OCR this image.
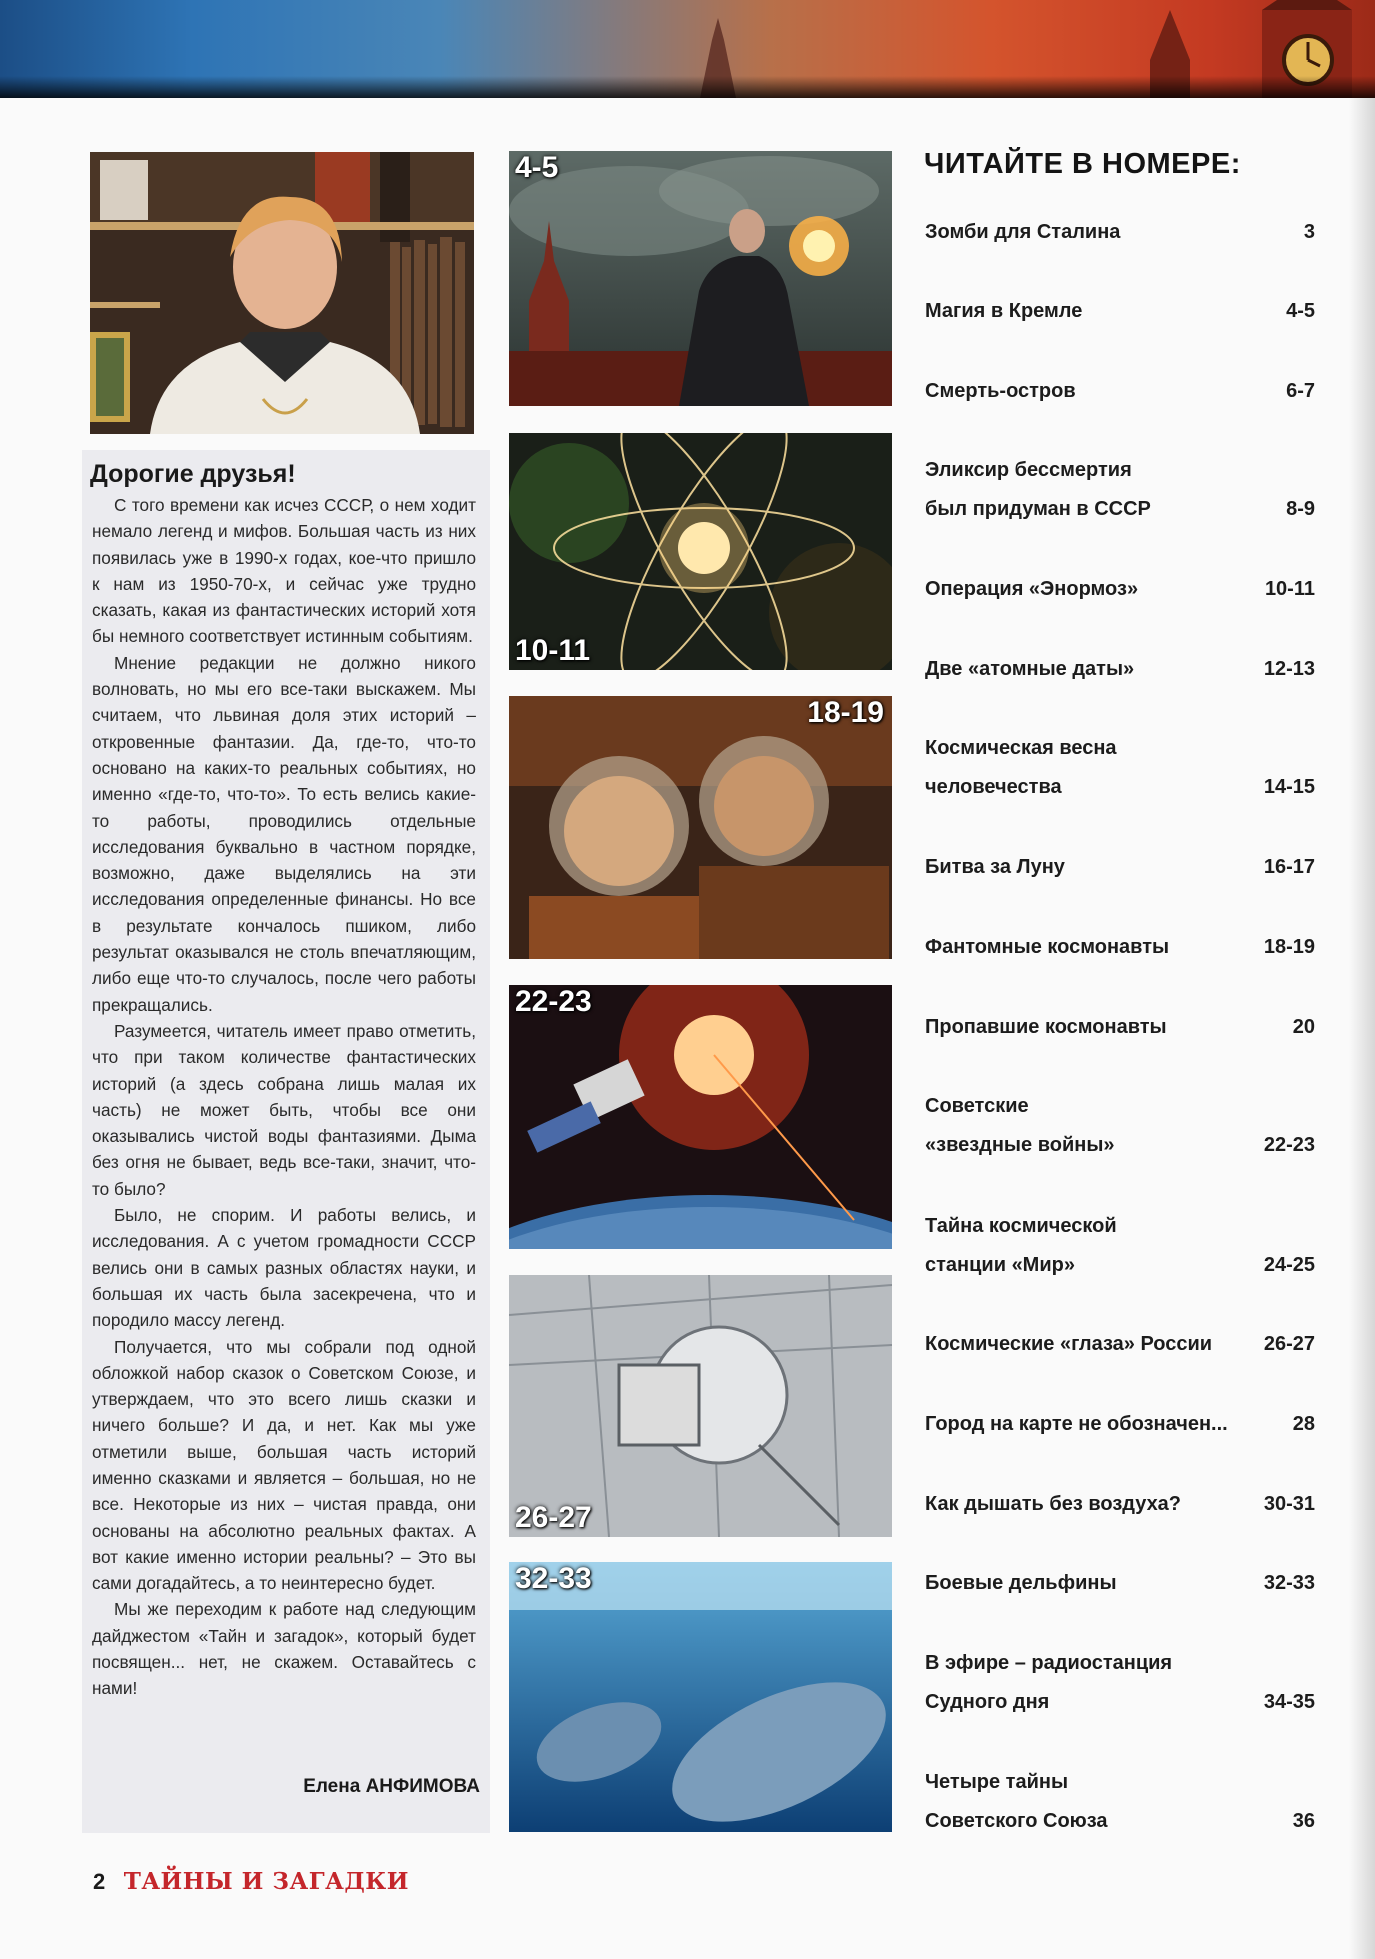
Дорогие друзья!

С того времени как исчез СССР, о нем ходит немало легенд и мифов. Большая часть из них появилась уже в 1990-х годах, кое-что пришло к нам из 1950-70-х, и сейчас уже трудно сказать, какая из фантастических историй хотя бы немного соответствует истинным событиям.

Мнение редакции не должно никого волновать, но мы его все-таки выскажем. Мы считаем, что львиная доля этих историй – откровенные фантазии. Да, где-то, что-то основано на каких-то реальных событиях, но именно «где-то, что-то». То есть велись какие-то работы, проводились отдельные исследования буквально в частном порядке, возможно, даже выделялись на эти исследования определенные финансы. Но все в результате кончалось пшиком, либо результат оказывался не столь впечатляющим, либо еще что-то случалось, после чего работы прекращались.

Разумеется, читатель имеет право отметить, что при таком количестве фантастических историй (а здесь собрана лишь малая их часть) не может быть, чтобы все они оказывались чистой воды фантазиями. Дыма без огня не бывает, ведь все-таки, значит, что-то было?

Было, не спорим. И работы велись, и исследования. А с учетом громадности СССР велись они в самых разных областях науки, и большая их часть была засекречена, что и породило массу легенд.

Получается, что мы собрали под одной обложкой набор сказок о Советском Союзе, и утверждаем, что это всего лишь сказки и ничего больше? И да, и нет. Как мы уже отметили выше, большая часть историй именно сказками и является – большая, но не все. Некоторые из них – чистая правда, они основаны на абсолютно реальных фактах. А вот какие именно истории реальны? – Это вы сами догадайтесь, а то неинтересно будет.

Мы же переходим к работе над следующим дайджестом «Тайн и загадок», который будет посвящен... нет, не скажем. Оставайтесь с нами!

Елена АНФИМОВА
4-5
10-11
18-19
22-23
26-27
32-33
ЧИТАЙТЕ В НОМЕРЕ:
Зомби для Сталина	3
Магия в Кремле	4-5
Смерть-остров	6-7
Эликсир бессмертия был придуман в СССР	8-9
Операция «Энормоз»	10-11
Две «атомные даты»	12-13
Космическая весна человечества	14-15
Битва за Луну	16-17
Фантомные космонавты	18-19
Пропавшие космонавты	20
Советские «звездные войны»	22-23
Тайна космической станции «Мир»	24-25
Космические «глаза» России	26-27
Город на карте не обозначен...	28
Как дышать без воздуха?	30-31
Боевые дельфины	32-33
В эфире – радиостанция Судного дня	34-35
Четыре тайны Советского Союза	36
2 ТАЙНЫ И ЗАГАДКИ
